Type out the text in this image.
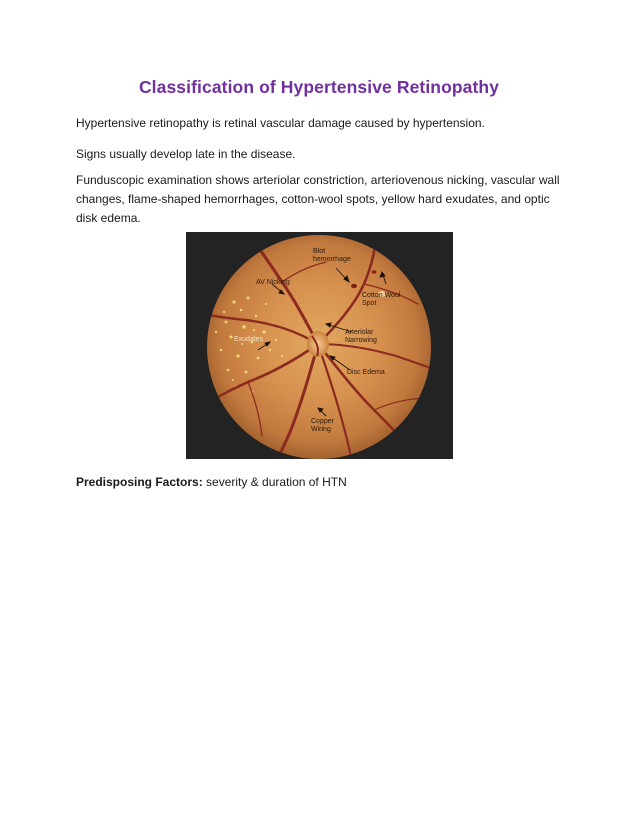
Classification of Hypertensive Retinopathy
Hypertensive retinopathy is retinal vascular damage caused by hypertension.
Signs usually develop late in the disease.
Funduscopic examination shows arteriolar constriction, arteriovenous nicking, vascular wall changes, flame-shaped hemorrhages, cotton-wool spots, yellow hard exudates, and optic disk edema.
Blot
hemorrhage
AV Nicking
Cotton Wool
Spot
Exudates
Arteriolar
Narrowing
Disc Edema
Copper
Wiring
Predisposing Factors: severity & duration of HTN
